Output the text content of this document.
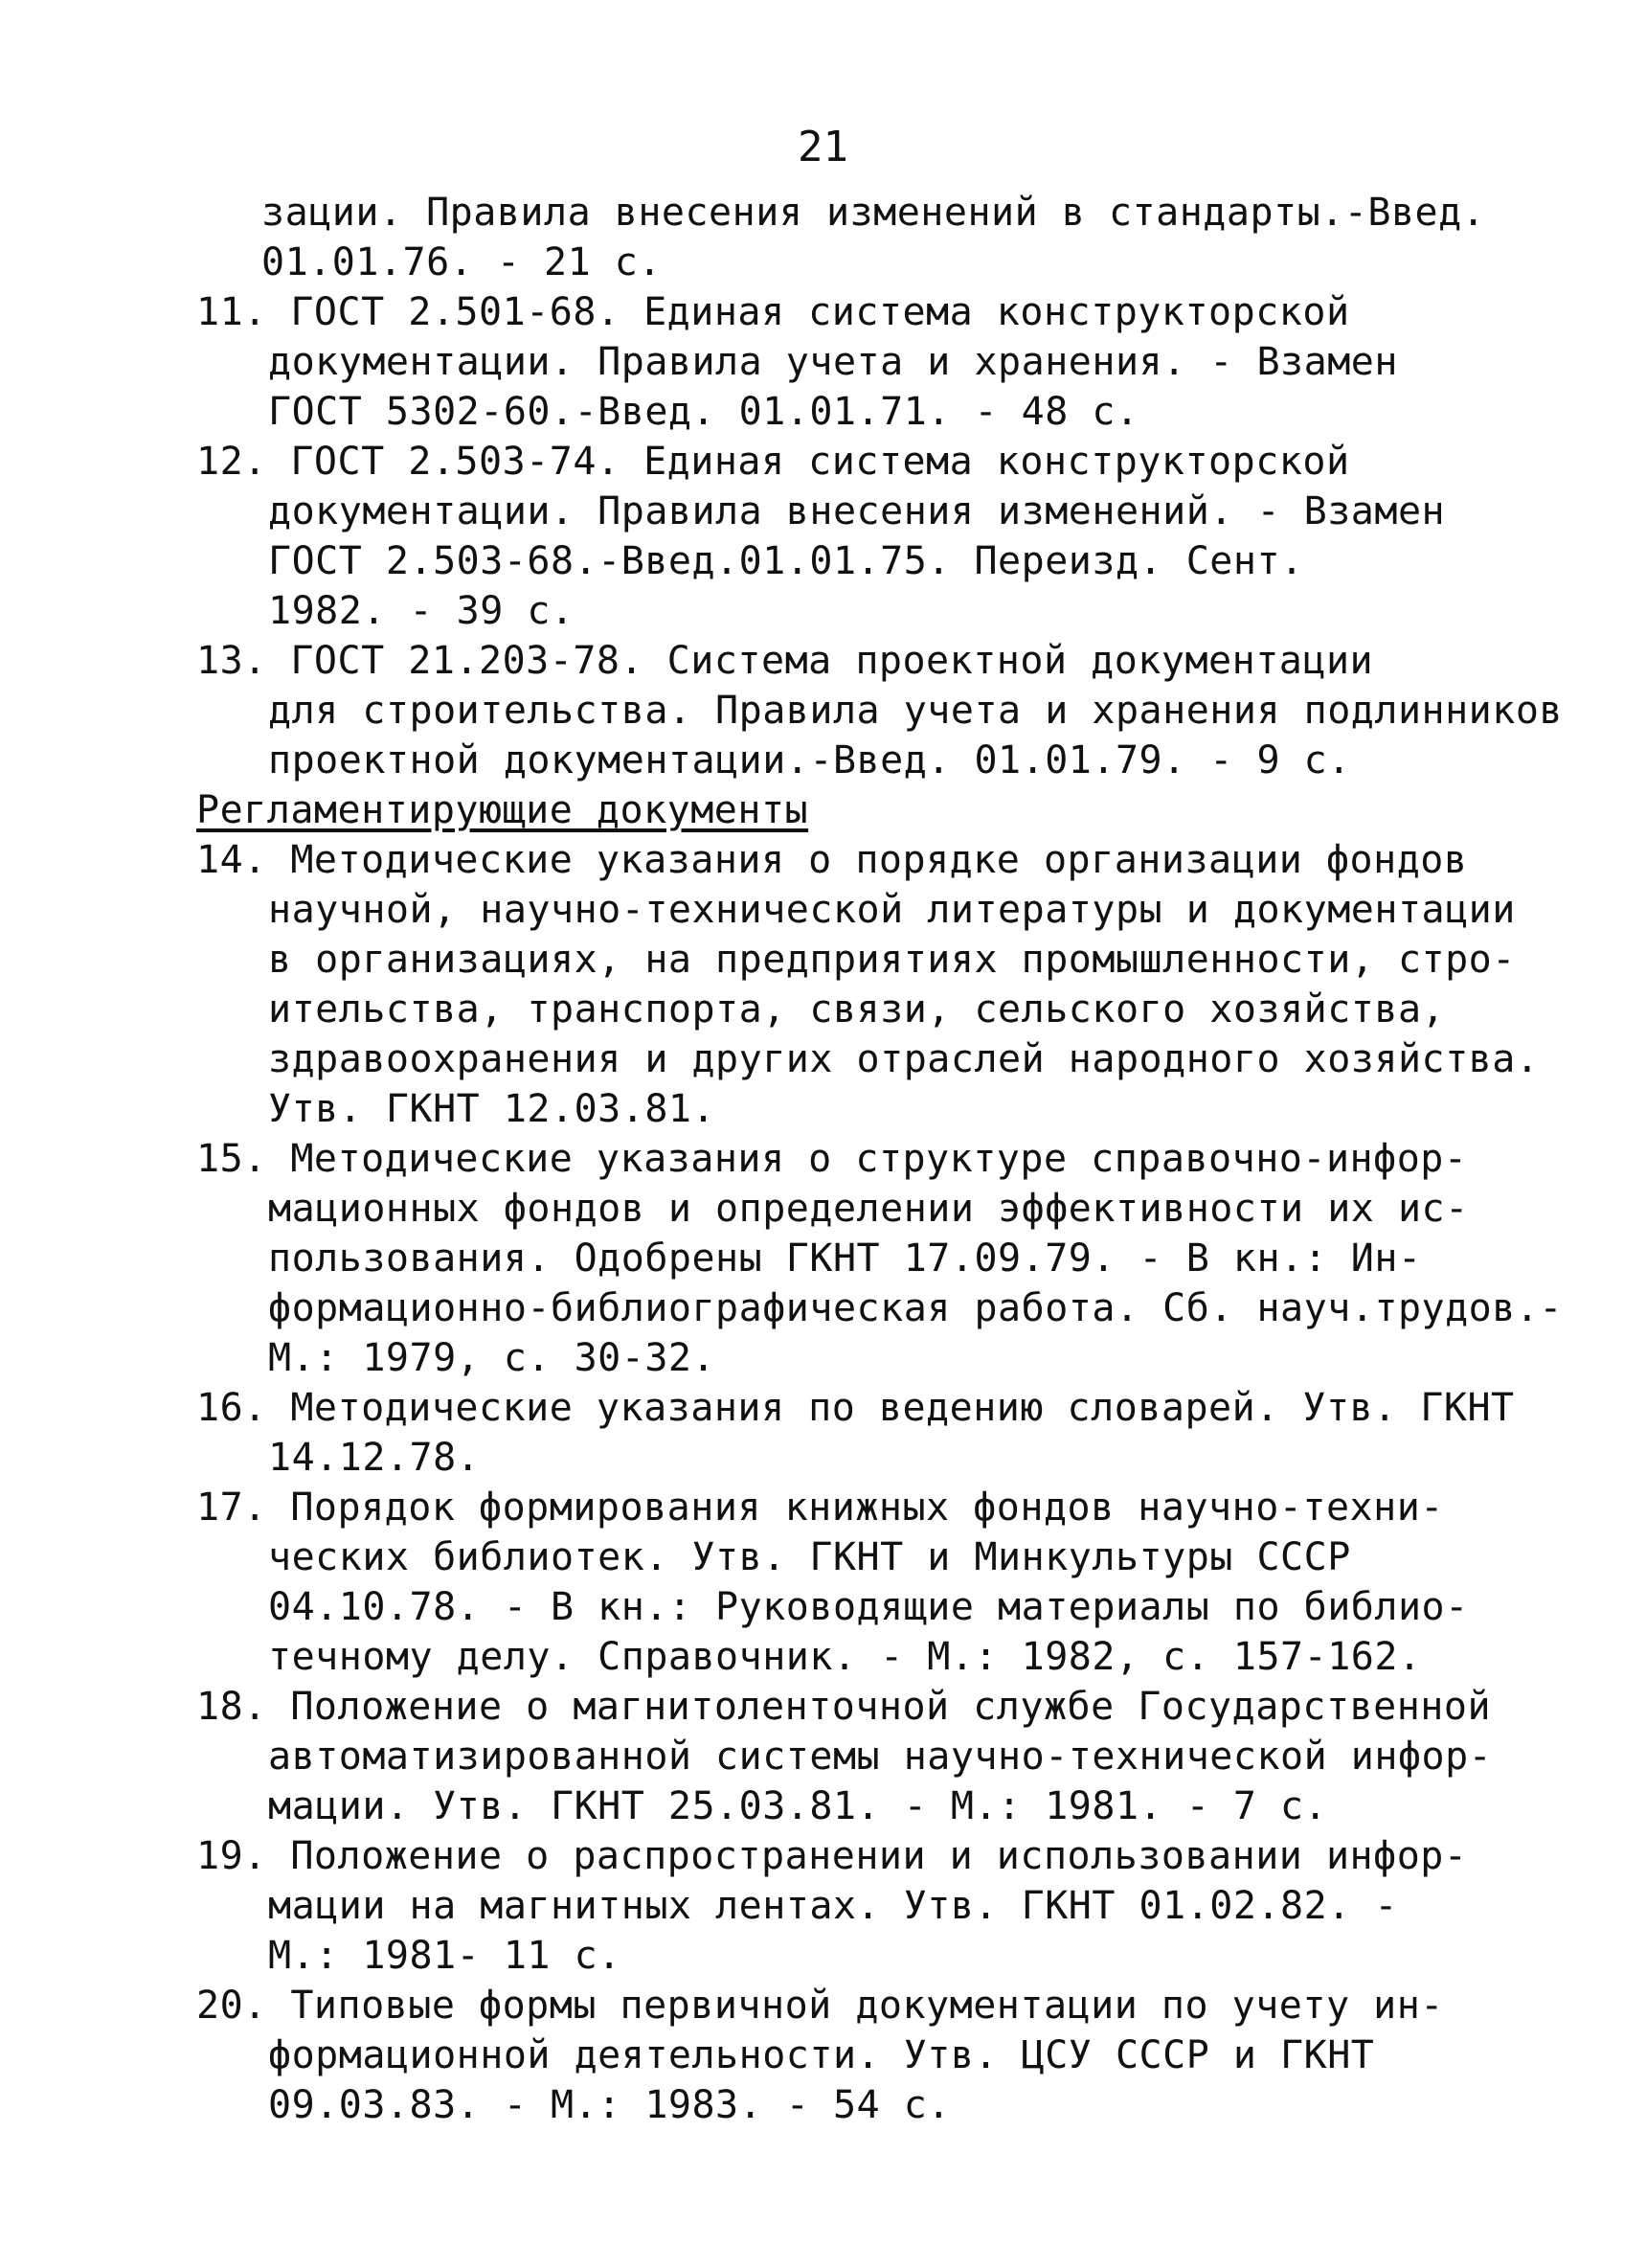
21
зации. Правила внесения изменений в стандарты.-Введ.
01.01.76. - 21 с.
11. ГОСТ 2.501-68. Единая система конструкторской
документации. Правила учета и хранения. - Взамен
ГОСТ 5302-60.-Введ. 01.01.71. - 48 с.
12. ГОСТ 2.503-74. Единая система конструкторской
документации. Правила внесения изменений. - Взамен
ГОСТ 2.503-68.-Введ.01.01.75. Переизд. Сент.
1982. - 39 с.
13. ГОСТ 21.203-78. Система проектной документации
для строительства. Правила учета и хранения подлинников
проектной документации.-Введ. 01.01.79. - 9 с.
Регламентирующие документы
14. Методические указания о порядке организации фондов
научной, научно-технической литературы и документации
в организациях, на предприятиях промышленности, стро-
ительства, транспорта, связи, сельского хозяйства,
здравоохранения и других отраслей народного хозяйства.
Утв. ГКНТ 12.03.81.
15. Методические указания о структуре справочно-инфор-
мационных фондов и определении эффективности их ис-
пользования. Одобрены ГКНТ 17.09.79. - В кн.: Ин-
формационно-библиографическая работа. Сб. науч.трудов.-
М.: 1979, с. 30-32.
16. Методические указания по ведению словарей. Утв. ГКНТ
14.12.78.
17. Порядок формирования книжных фондов научно-техни-
ческих библиотек. Утв. ГКНТ и Минкультуры СССР
04.10.78. - В кн.: Руководящие материалы по библио-
течному делу. Справочник. - М.: 1982, с. 157-162.
18. Положение о магнитоленточной службе Государственной
автоматизированной системы научно-технической инфор-
мации. Утв. ГКНТ 25.03.81. - М.: 1981. - 7 с.
19. Положение о распространении и использовании инфор-
мации на магнитных лентах. Утв. ГКНТ 01.02.82. -
М.: 1981- 11 с.
20. Типовые формы первичной документации по учету ин-
формационной деятельности. Утв. ЦСУ СССР и ГКНТ
09.03.83. - М.: 1983. - 54 с.
